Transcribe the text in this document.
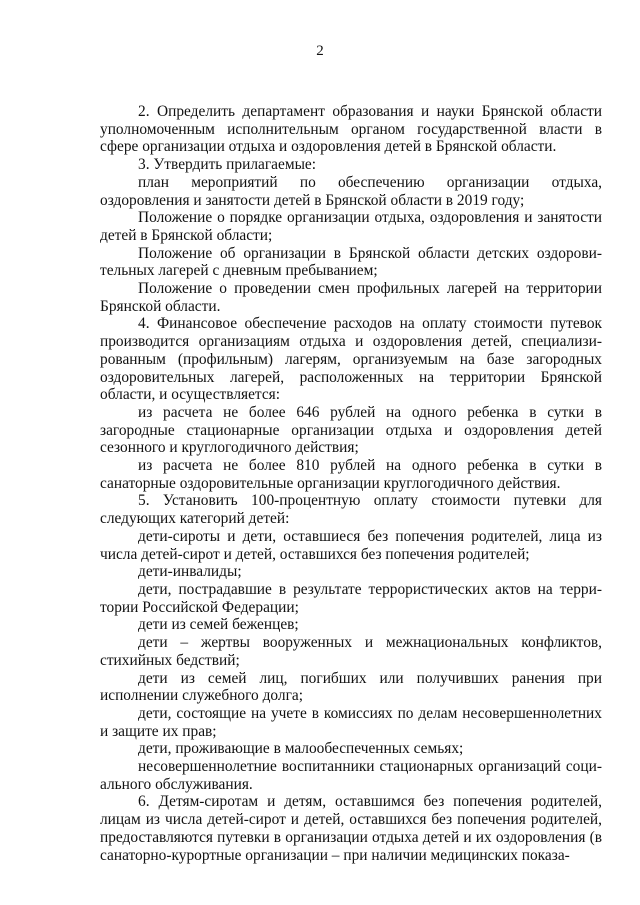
2

2. Определить департамент образования и науки Брянской области уполномоченным исполнительным органом государственной власти в сфере организации отдыха и оздоровления детей в Брянской области.

3. Утвердить прилагаемые:

план мероприятий по обеспечению организации отдыха, оздоровления и занятости детей в Брянской области в 2019 году;

Положение о порядке организации отдыха, оздоровления и занятости детей в Брянской области;

Положение об организации в Брянской области детских оздоровительных лагерей с дневным пребыванием;

Положение о проведении смен профильных лагерей на территории Брянской области.

4. Финансовое обеспечение расходов на оплату стоимости путевок производится организациям отдыха и оздоровления детей, специализированным (профильным) лагерям, организуемым на базе загородных оздоровительных лагерей, расположенных на территории Брянской области, и осуществляется:

из расчета не более 646 рублей на одного ребенка в сутки в загородные стационарные организации отдыха и оздоровления детей сезонного и круглогодичного действия;

из расчета не более 810 рублей на одного ребенка в сутки в санаторные оздоровительные организации круглогодичного действия.

5. Установить 100-процентную оплату стоимости путевки для следующих категорий детей:

дети-сироты и дети, оставшиеся без попечения родителей, лица из числа детей-сирот и детей, оставшихся без попечения родителей;

дети-инвалиды;

дети, пострадавшие в результате террористических актов на территории Российской Федерации;

дети из семей беженцев;

дети – жертвы вооруженных и межнациональных конфликтов, стихийных бедствий;

дети из семей лиц, погибших или получивших ранения при исполнении служебного долга;

дети, состоящие на учете в комиссиях по делам несовершеннолетних и защите их прав;

дети, проживающие в малообеспеченных семьях;

несовершеннолетние воспитанники стационарных организаций социального обслуживания.

6. Детям-сиротам и детям, оставшимся без попечения родителей, лицам из числа детей-сирот и детей, оставшихся без попечения родителей, предоставляются путевки в организации отдыха детей и их оздоровления (в санаторно-курортные организации – при наличии медицинских показа-
